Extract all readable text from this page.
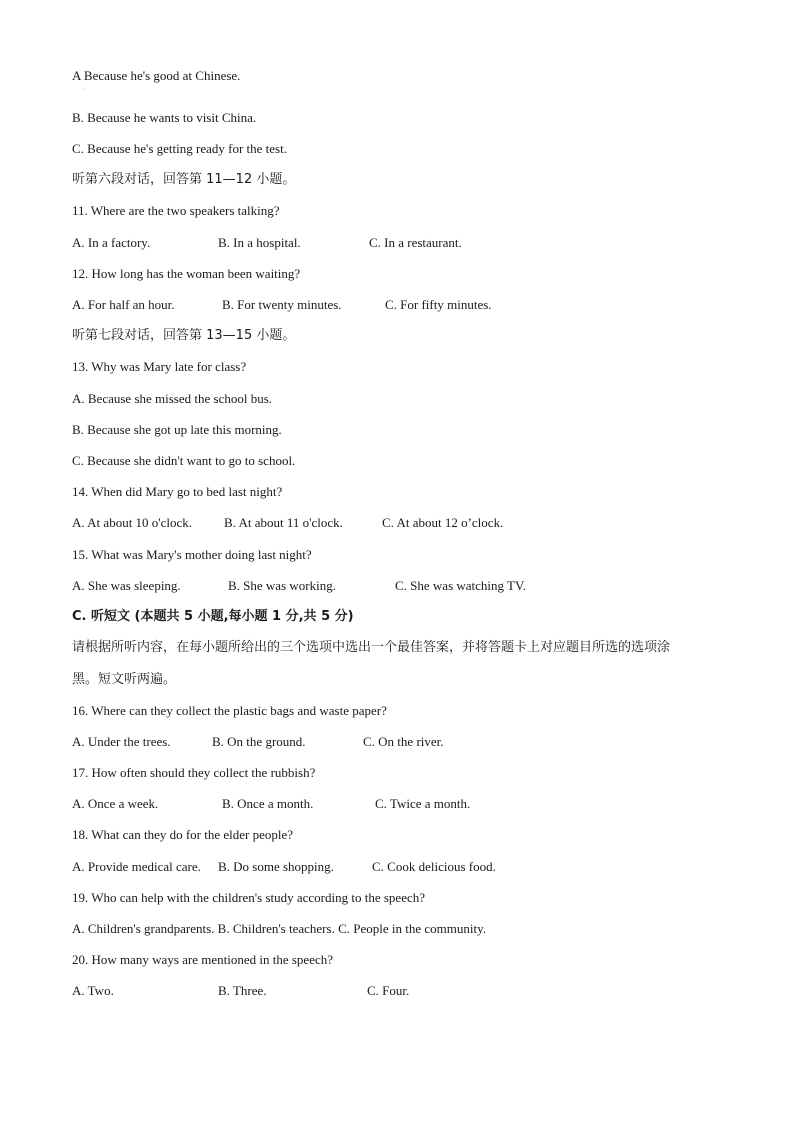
·
A Because he's good at Chinese.
B. Because he wants to visit China.
C. Because he's getting ready for the test.
听第六段对话，回答第 11—12 小题。
11. Where are the two speakers talking?
A. In a factory.	B. In a hospital.	C. In a restaurant.
12. How long has the woman been waiting?
A. For half an hour.	B. For twenty minutes.	C. For fifty minutes.
听第七段对话，回答第 13—15 小题。
13. Why was Mary late for class?
A. Because she missed the school bus.
B. Because she got up late this morning.
C. Because she didn't want to go to school.
14. When did Mary go to bed last night?
A. At about 10 o'clock. B. At about 11 o'clock.	C. At about 12 o’clock.
15. What was Mary's mother doing last night?
A. She was sleeping.	B. She was working.	C. She was watching TV.
C. 听短文 (本题共 5 小题,每小题 1 分,共 5 分)
请根据所听内容，在每小题所给出的三个选项中选出一个最佳答案，并将答题卡上对应题目所选的选项涂
黑。短文听两遍。
16. Where can they collect the plastic bags and waste paper?
A. Under the trees.	B. On the ground.	C. On the river.
17. How often should they collect the rubbish?
A. Once a week.	B. Once a month.	C. Twice a month.
18. What can they do for the elder people?
A. Provide medical care. B. Do some shopping.	C. Cook delicious food.
19. Who can help with the children's study according to the speech?
A. Children's grandparents. B. Children's teachers. C. People in the community.
20. How many ways are mentioned in the speech?
A. Two.	B. Three.	C. Four.
